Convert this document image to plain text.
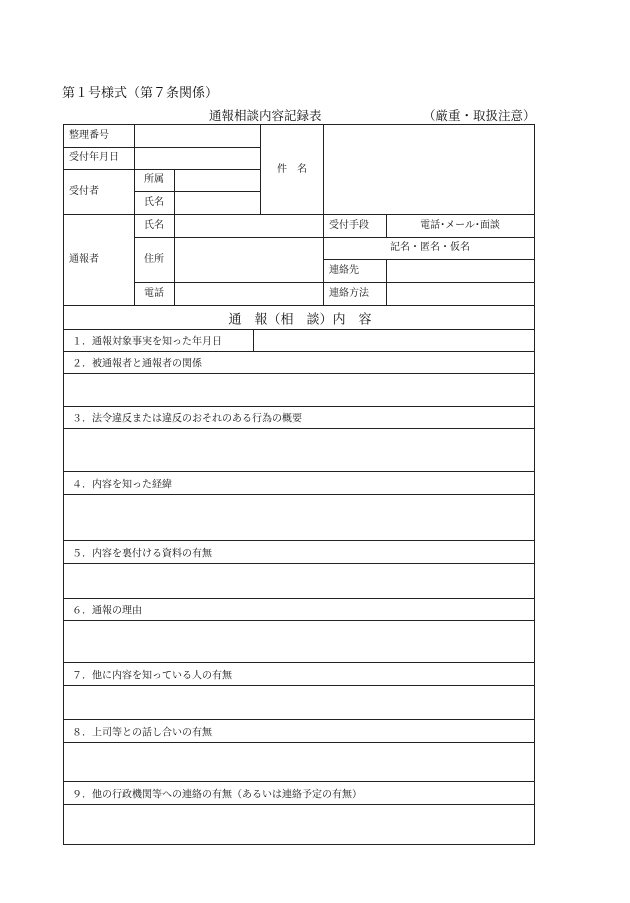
第１号様式（第７条関係）
通報相談内容記録表	（厳重・取扱注意）
整理番号
受付年月日
受付者
所属
氏名
件　名
通報者
氏名
住所
電話
受付手段	電話･メール･面談
記名・匿名・仮名
連絡先
連絡方法
通　報（相　談）内　容
１．通報対象事実を知った年月日
２．被通報者と通報者の関係
３．法令違反または違反のおそれのある行為の概要
４．内容を知った経緯
５．内容を裏付ける資料の有無
６．通報の理由
７．他に内容を知っている人の有無
８．上司等との話し合いの有無
９．他の行政機関等への連絡の有無（あるいは連絡予定の有無）
